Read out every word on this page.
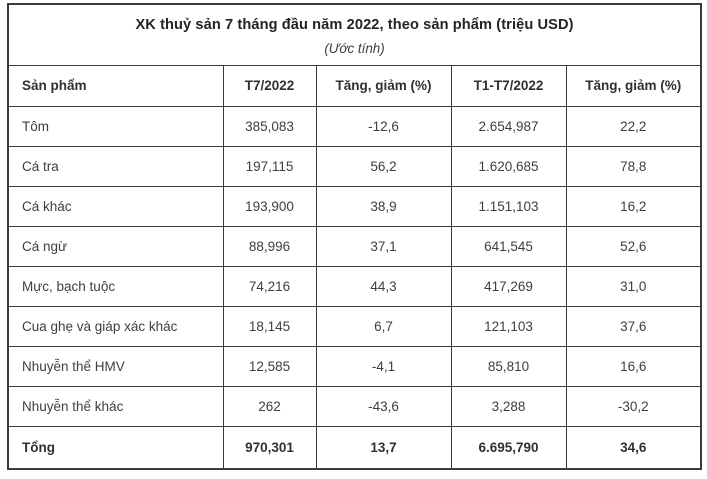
XK thuỷ sản 7 tháng đầu năm 2022, theo sản phẩm (triệu USD)
(Ước tính)				

Sản phẩm	T7/2022	Tăng, giảm (%)	T1-T7/2022	Tăng, giảm (%)
Tôm	385,083	-12,6	2.654,987	22,2
Cá tra	197,115	56,2	1.620,685	78,8
Cá khác	193,900	38,9	1.151,103	16,2
Cá ngừ	88,996	37,1	641,545	52,6
Mực, bạch tuộc	74,216	44,3	417,269	31,0
Cua ghẹ và giáp xác khác	18,145	6,7	121,103	37,6
Nhuyễn thể HMV	12,585	-4,1	85,810	16,6
Nhuyễn thể khác	262	-43,6	3,288	-30,2
Tổng	970,301	13,7	6.695,790	34,6
